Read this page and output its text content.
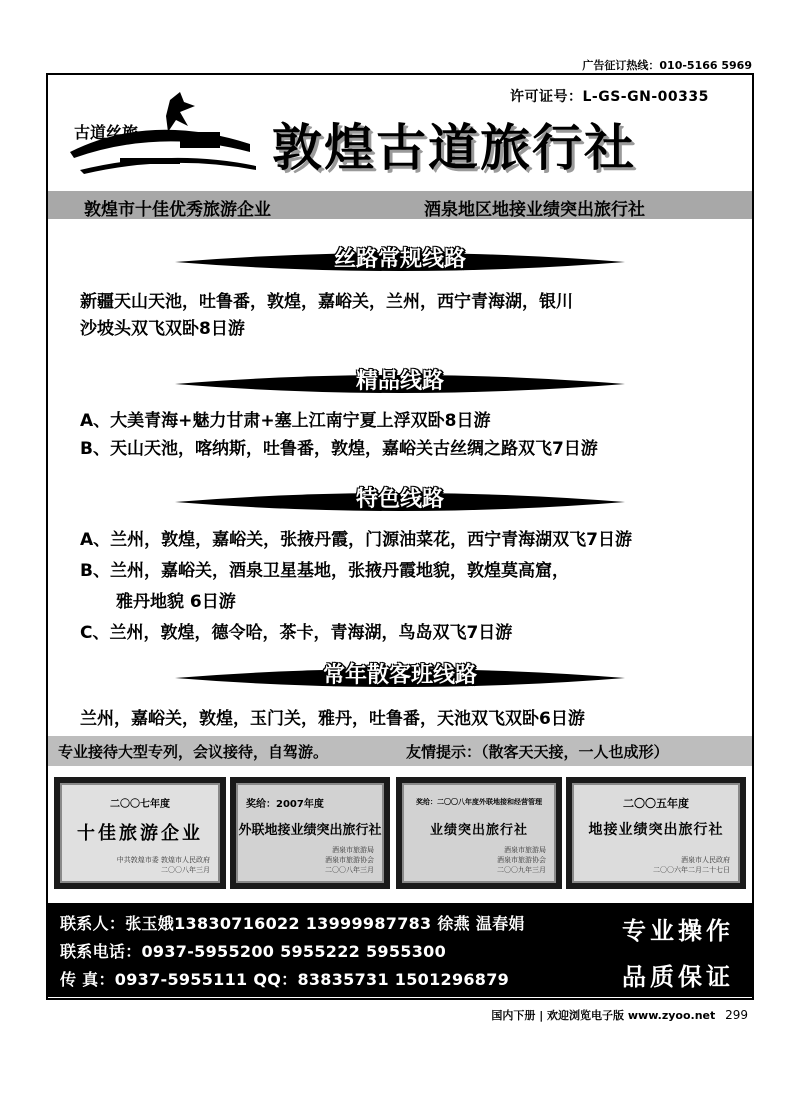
广告征订热线：010-5166 5969
许可证号：L-GS-GN-00335
古道丝旅	敦煌古道旅行社
敦煌市十佳优秀旅游企业	酒泉地区地接业绩突出旅行社
丝路常规线路
新疆天山天池，吐鲁番，敦煌，嘉峪关，兰州，西宁青海湖，银川
沙坡头双飞双卧8日游
精品线路
A、大美青海+魅力甘肃+塞上江南宁夏上浮双卧8日游
B、天山天池，喀纳斯，吐鲁番，敦煌，嘉峪关古丝绸之路双飞7日游
特色线路
A、兰州，敦煌，嘉峪关，张掖丹霞，门源油菜花，西宁青海湖双飞7日游
B、兰州，嘉峪关，酒泉卫星基地，张掖丹霞地貌，敦煌莫高窟，
雅丹地貌 6日游
C、兰州，敦煌，德令哈，茶卡，青海湖，鸟岛双飞7日游
常年散客班线路
兰州，嘉峪关，敦煌，玉门关，雅丹，吐鲁番，天池双飞双卧6日游
专业接待大型专列，会议接待，自驾游。	友情提示：（散客天天接，一人也成形）
二〇〇七年度
十佳旅游企业
中共敦煌市委 敦煌市人民政府
二〇〇八年三月
奖给：2007年度
外联地接业绩突出旅行社
酒泉市旅游局
酒泉市旅游协会
二〇〇八年三月
奖给：二〇〇八年度外联地接和经营管理
业绩突出旅行社
酒泉市旅游局
酒泉市旅游协会
二〇〇九年三月
二〇〇五年度
地接业绩突出旅行社
酒泉市人民政府
二〇〇六年二月二十七日
联系人：张玉娥13830716022 13999987783 徐燕 温春娟
联系电话：0937-5955200 5955222 5955300
传 真：0937-5955111 QQ：83835731 1501296879
专业操作
品质保证
国内下册 | 欢迎浏览电子版 www.zyoo.net 299
